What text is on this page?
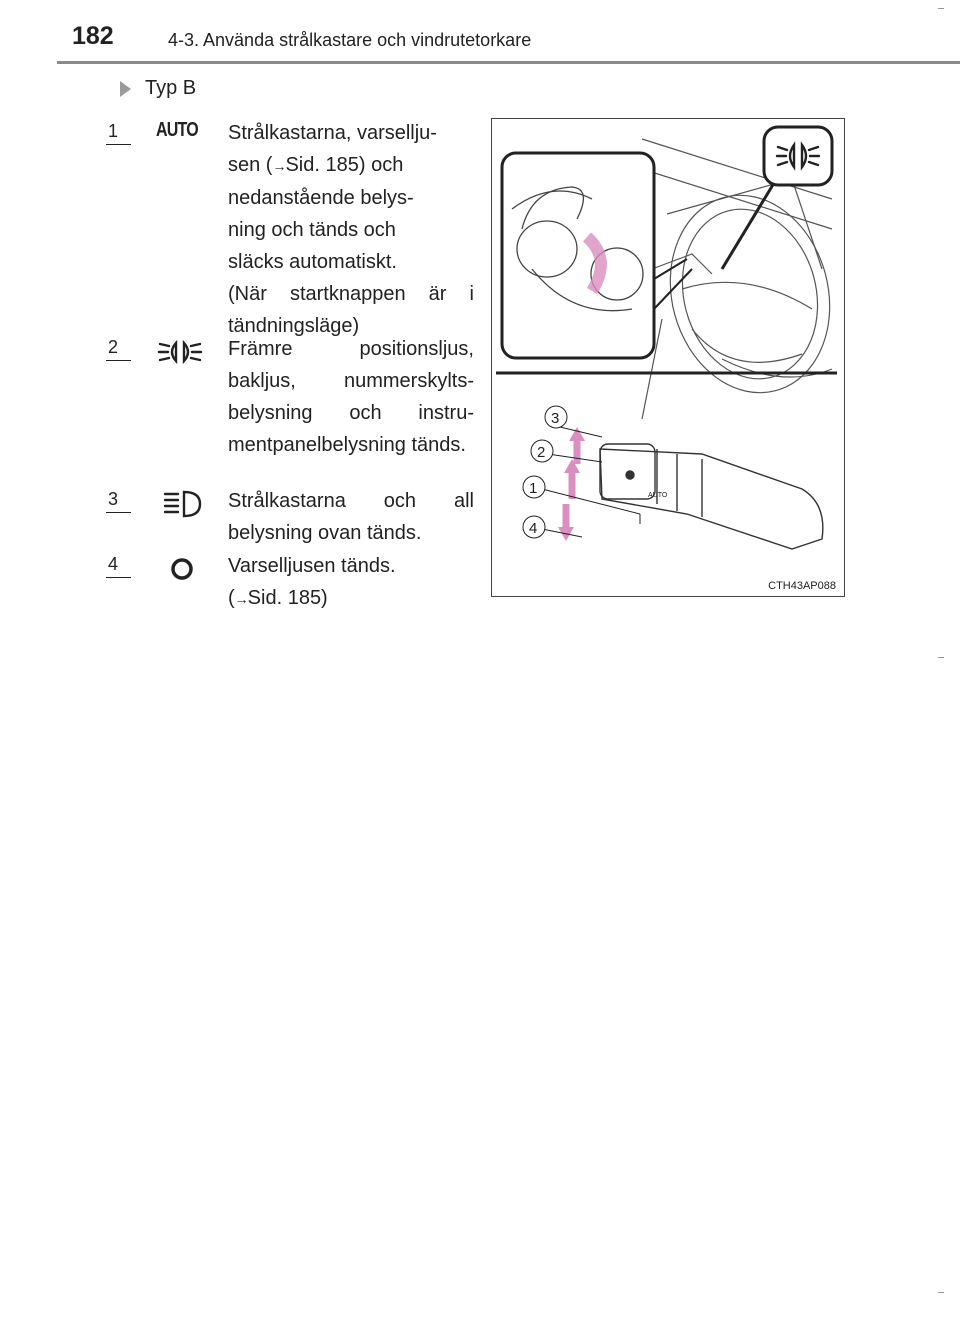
182	4-3. Använda strålkastare och vindrutetorkare
Typ B
1	AUTO	Strålkastarna, varsellju-

sen (→Sid. 185) och

nedanstående belys-

ning och tänds och

släcks automatiskt.

(När startknappen är i tändningsläge)

2	Främre positionsljus, bakljus, nummerskylts-belysning och instru-mentpanelbelysning tänds.

3	Strålkastarna och all belysning ovan tänds.

4	Varselljusen tänds.

(→Sid. 185)

AUTO
3
2
1
4
CTH43AP088
